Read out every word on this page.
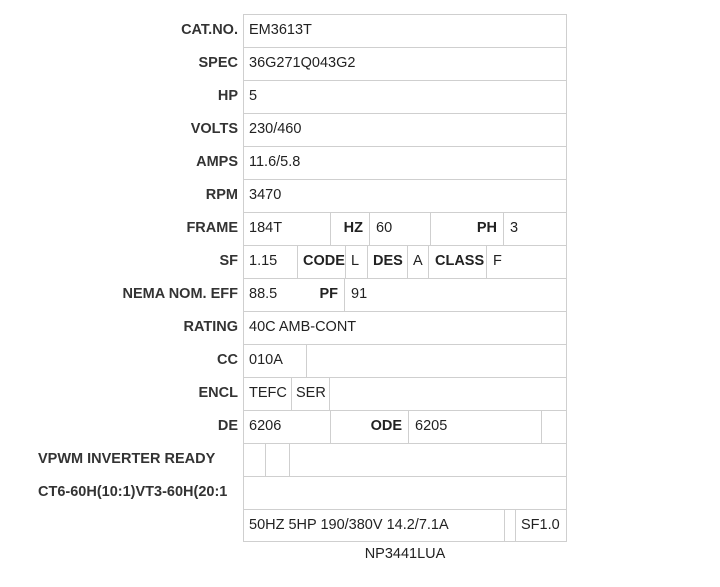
CAT.NO. EM3613T
SPEC 36G271Q043G2
HP 5
VOLTS 230/460
AMPS 11.6/5.8
RPM 3470
FRAME 184T	HZ 60	PH 3
SF 1.15	CODE L DES A CLASS F
NEMA NOM. EFF 88.5	PF 91
RATING 40C AMB-CONT
CC 010A
ENCL TEFC SER
DE 6206	ODE 6205
VPWM INVERTER READY
CT6-60H(10:1)VT3-60H(20:1
50HZ 5HP 190/380V 14.2/7.1A	SF1.0
NP3441LUA
